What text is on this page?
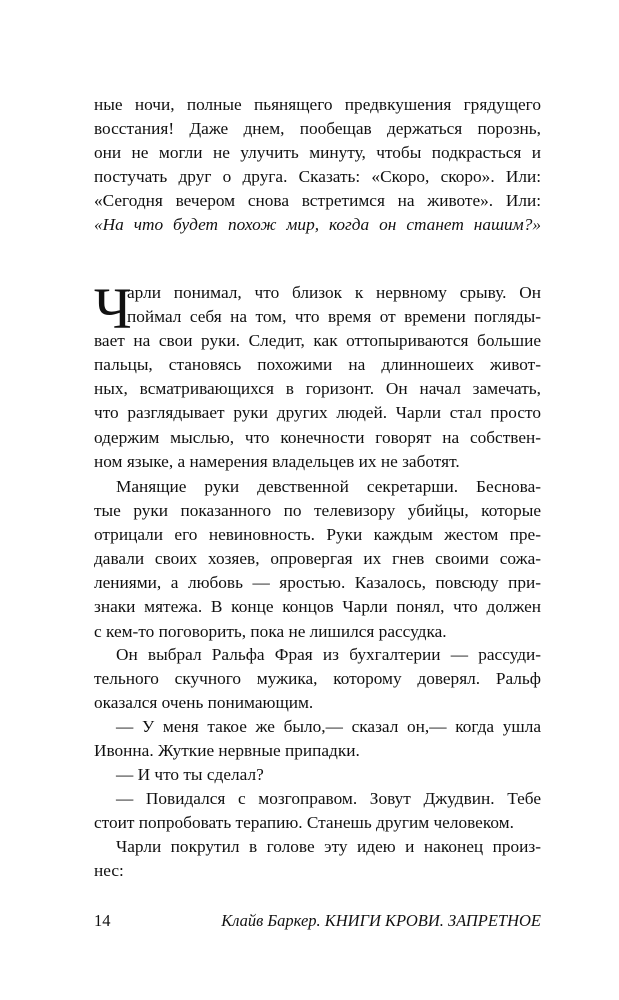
ные ночи, полные пьянящего предвкушения грядущего
восстания! Даже днем, пообещав держаться порознь,
они не могли не улучить минуту, чтобы подкрасться и
постучать друг о друга. Сказать: «Скоро, скоро». Или:
«Сегодня вечером снова встретимся на животе». Или:
«На что будет похож мир, когда он станет нашим?»
Ч
арли понимал, что близок к нервному срыву. Он
поймал себя на том, что время от времени погляды-
вает на свои руки. Следит, как оттопыриваются большие
пальцы, становясь похожими на длинношеих живот-
ных, всматривающихся в горизонт. Он начал замечать,
что разглядывает руки других людей. Чарли стал просто
одержим мыслью, что конечности говорят на собствен-
ном языке, а намерения владельцев их не заботят.
Манящие руки девственной секретарши. Беснова-
тые руки показанного по телевизору убийцы, которые
отрицали его невиновность. Руки каждым жестом пре-
давали своих хозяев, опровергая их гнев своими сожа-
лениями, а любовь — яростью. Казалось, повсюду при-
знаки мятежа. В конце концов Чарли понял, что должен
с кем-то поговорить, пока не лишился рассудка.
Он выбрал Ральфа Фрая из бухгалтерии — рассуди-
тельного скучного мужика, которому доверял. Ральф
оказался очень понимающим.
— У меня такое же было,— сказал он,— когда ушла
Ивонна. Жуткие нервные припадки.
— И что ты сделал?
— Повидался с мозгоправом. Зовут Джудвин. Тебе
стоит попробовать терапию. Станешь другим человеком.
Чарли покрутил в голове эту идею и наконец произ-
нес:
14	Клайв Баркер. КНИГИ КРОВИ. ЗАПРЕТНОЕ
